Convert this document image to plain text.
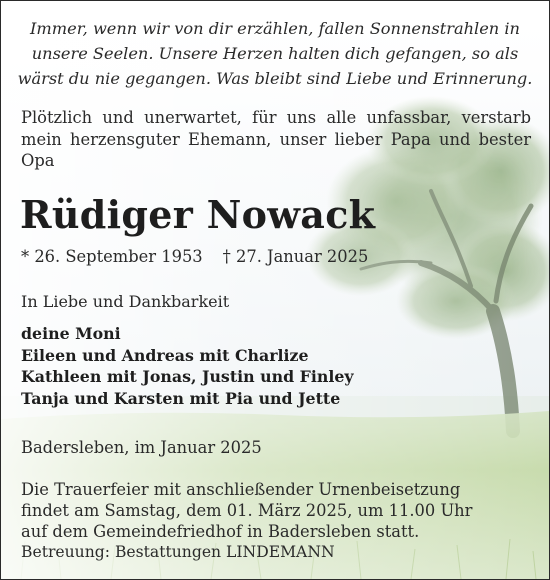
Immer, wenn wir von dir erzählen, fallen Sonnenstrahlen in
unsere Seelen. Unsere Herzen halten dich gefangen, so als
wärst du nie gegangen. Was bleibt sind Liebe und Erinnerung.

Plötzlich und unerwartet, für uns alle unfassbar, verstarb mein herzensguter Ehemann, unser lieber Papa und bester Opa

Rüdiger Nowack
* 26. September 1953 † 27. Januar 2025
In Liebe und Dankbarkeit
deine Moni
Eileen und Andreas mit Charlize
Kathleen mit Jonas, Justin und Finley
Tanja und Karsten mit Pia und Jette
Badersleben, im Januar 2025

Die Trauerfeier mit anschließender Urnenbeisetzung
findet am Samstag, dem 01. März 2025, um 11.00 Uhr
auf dem Gemeindefriedhof in Badersleben statt.

Betreuung: Bestattungen LINDEMANN
